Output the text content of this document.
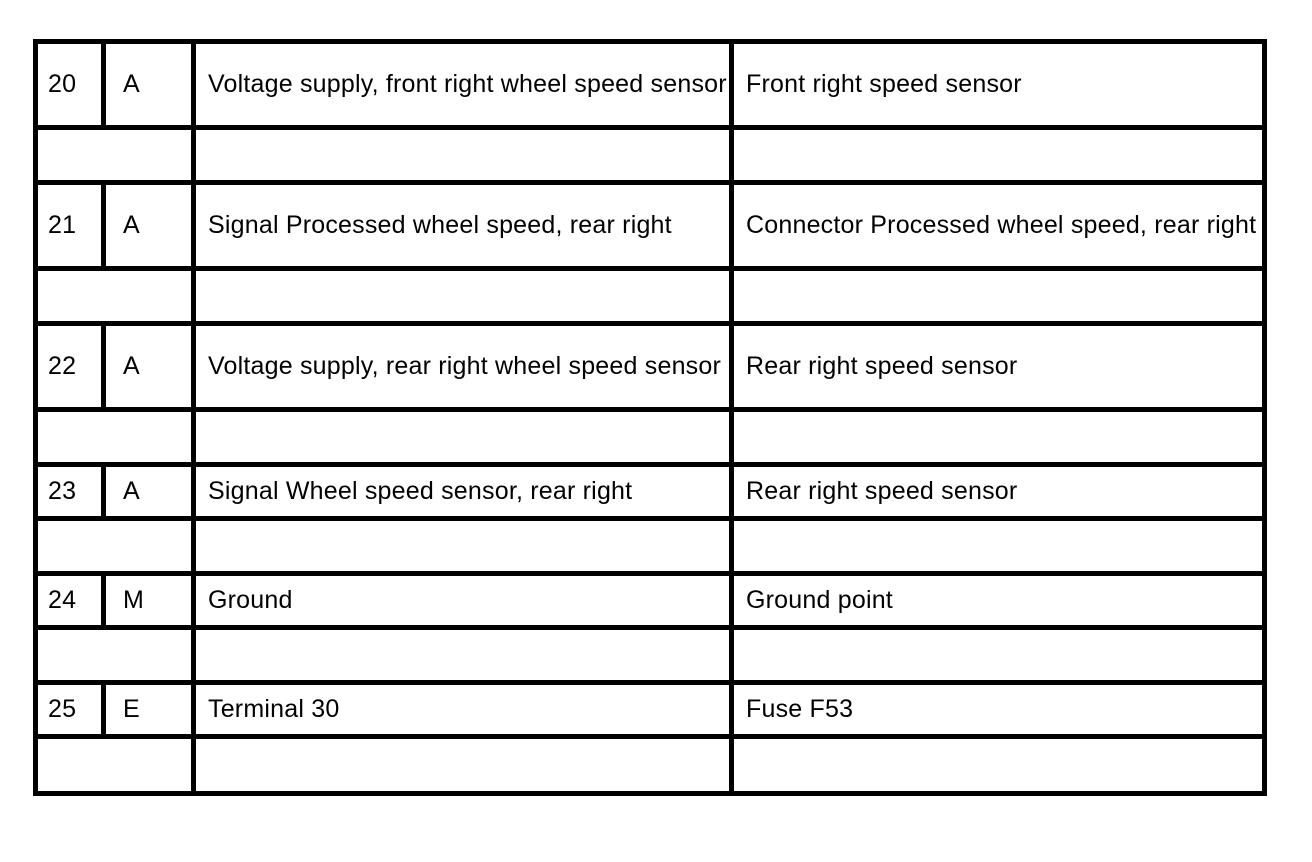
20	A	Voltage supply, front right wheel speed sensor	Front right speed sensor

21	A	Signal Processed wheel speed, rear right	Connector Processed wheel speed, rear right

22	A	Voltage supply, rear right wheel speed sensor	Rear right speed sensor

23	A	Signal Wheel speed sensor, rear right	Rear right speed sensor

24	M	Ground	Ground point

25	E	Terminal 30	Fuse F53
